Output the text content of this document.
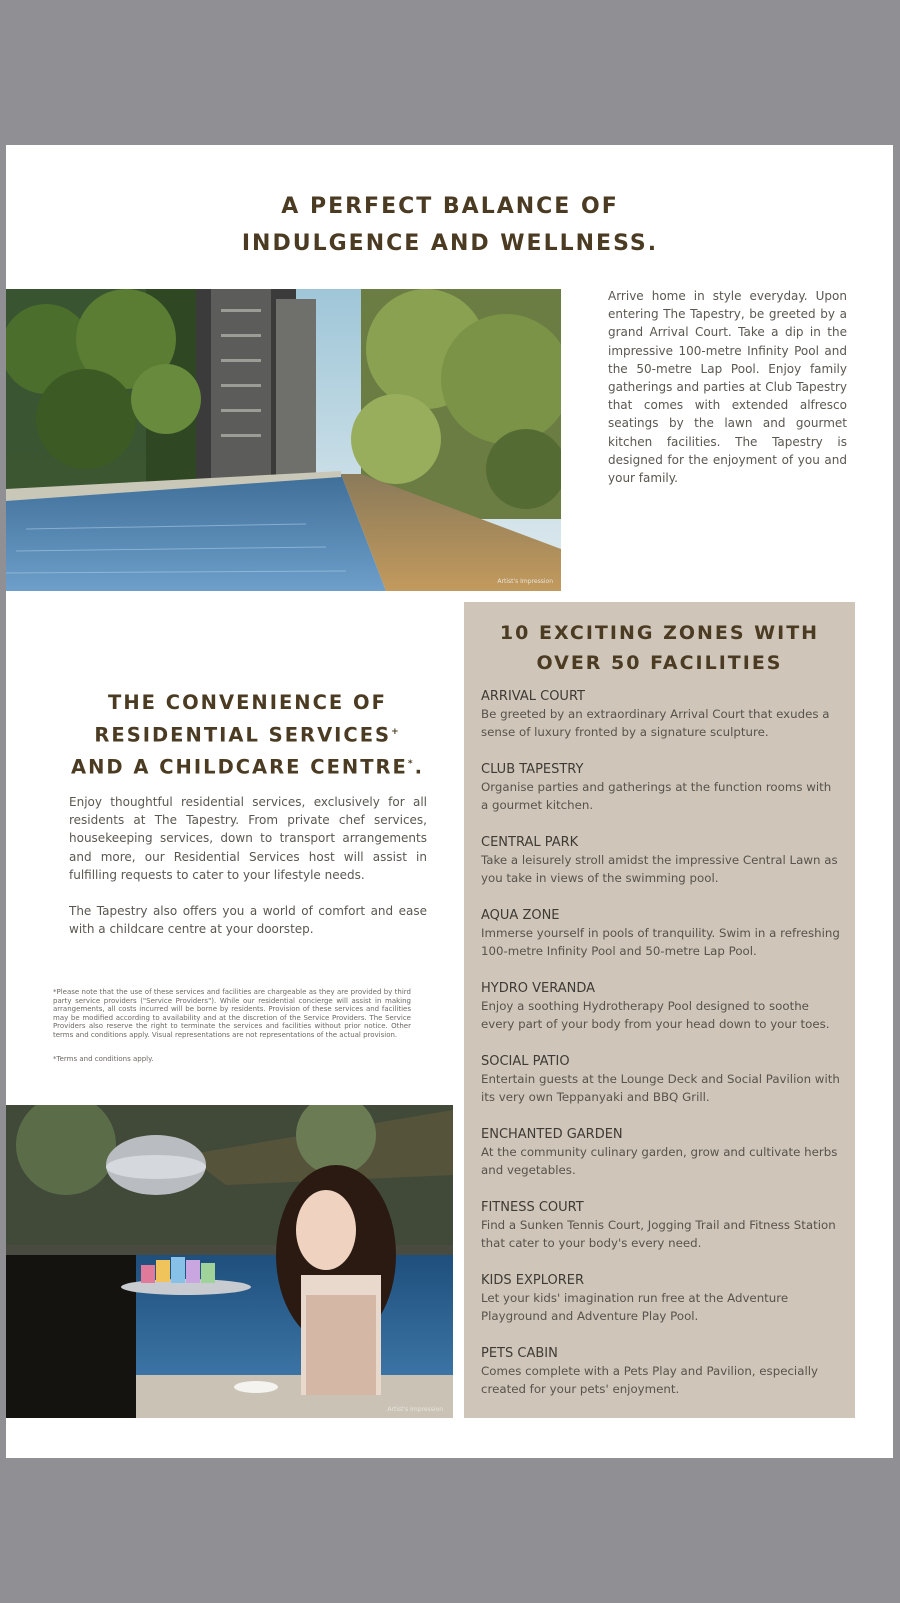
A PERFECT BALANCE OF
INDULGENCE AND WELLNESS.
Artist's Impression

Arrive home in style everyday. Upon entering The Tapestry, be greeted by a grand Arrival Court. Take a dip in the impressive 100-metre Infinity Pool and the 50-metre Lap Pool. Enjoy family gatherings and parties at Club Tapestry that comes with extended alfresco seatings by the lawn and gourmet kitchen facilities. The Tapestry is designed for the enjoyment of you and your family.

10 EXCITING ZONES WITH
OVER 50 FACILITIES
ARRIVAL COURT
Be greeted by an extraordinary Arrival Court that exudes a sense of luxury fronted by a signature sculpture.
CLUB TAPESTRY
Organise parties and gatherings at the function rooms with a gourmet kitchen.
CENTRAL PARK
Take a leisurely stroll amidst the impressive Central Lawn as you take in views of the swimming pool.
AQUA ZONE
Immerse yourself in pools of tranquility. Swim in a refreshing 100-metre Infinity Pool and 50-metre Lap Pool.
HYDRO VERANDA
Enjoy a soothing Hydrotherapy Pool designed to soothe every part of your body from your head down to your toes.
SOCIAL PATIO
Entertain guests at the Lounge Deck and Social Pavilion with its very own Teppanyaki and BBQ Grill.
ENCHANTED GARDEN
At the community culinary garden, grow and cultivate herbs and vegetables.
FITNESS COURT
Find a Sunken Tennis Court, Jogging Trail and Fitness Station that cater to your body's every need.
KIDS EXPLORER
Let your kids' imagination run free at the Adventure Playground and Adventure Play Pool.
PETS CABIN
Comes complete with a Pets Play and Pavilion, especially created for your pets' enjoyment.
THE CONVENIENCE OF
RESIDENTIAL SERVICES+
AND A CHILDCARE CENTRE*.

Enjoy thoughtful residential services, exclusively for all residents at The Tapestry. From private chef services, housekeeping services, down to transport arrangements and more, our Residential Services host will assist in fulfilling requests to cater to your lifestyle needs.

The Tapestry also offers you a world of comfort and ease with a childcare centre at your doorstep.

*Please note that the use of these services and facilities are chargeable as they are provided by third party service providers ("Service Providers"). While our residential concierge will assist in making arrangements, all costs incurred will be borne by residents. Provision of these services and facilities may be modified according to availability and at the discretion of the Service Providers. The Service Providers also reserve the right to terminate the services and facilities without prior notice. Other terms and conditions apply. Visual representations are not representations of the actual provision.

*Terms and conditions apply.

Artist's Impression
